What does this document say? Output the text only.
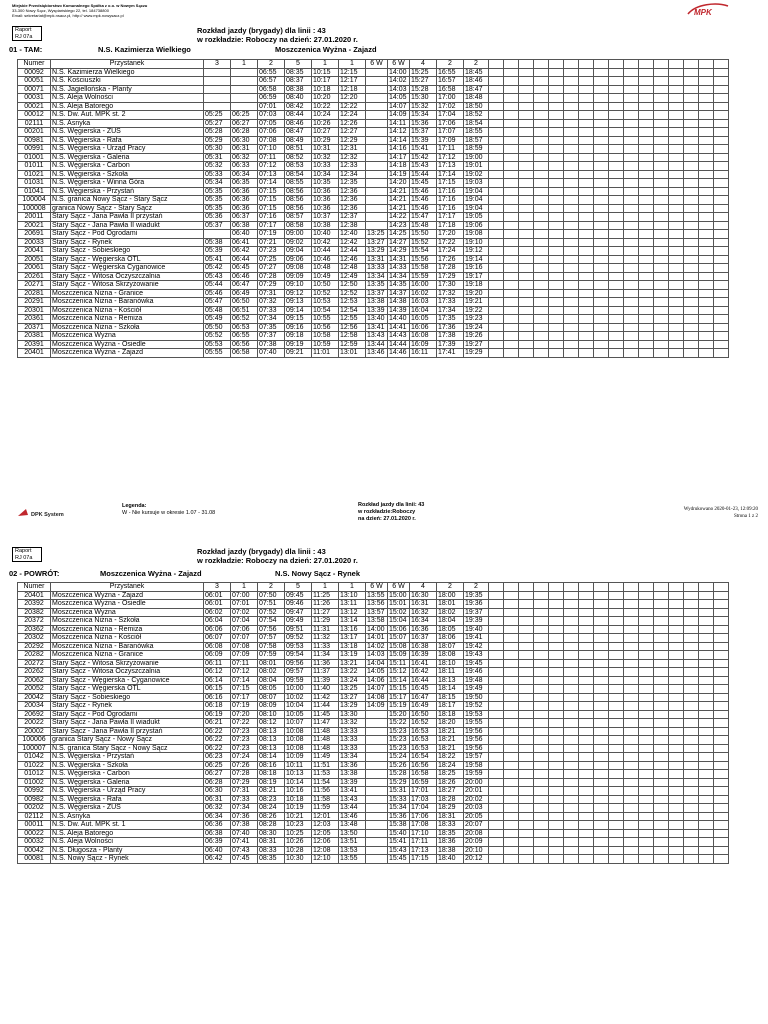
Miejskie Przedsiębiorstwo Komunalnego Spółka z o.o. w Nowym Sączu
33-300 Nowy Sącz, Wyspiańskiego 22, tel. 184738800
Email: sekretariat@mpk.nsacz.pl, http:// www.mpk.nowysacz.pl	MPK
Raport
RJ 07a
Rozkład jazdy (brygady) dla linii : 43
w rozkładzie: Roboczy na dzień: 27.01.2020 r.
01 - TAM:	N.S. Kazimierza Wielkiego	Moszczenica Wyżna - Zajazd
Numer	Przystanek	3	1	2	5	1	1	6 W	6 W	4	2	2																
00092	N.S. Kazimierza Wielkiego			06:55	08:35	10:15	12:15		14:00	15:25	16:55	18:45																
00051	N.S. Kościuszki			06:57	08:37	10:17	12:17		14:02	15:27	16:57	18:46																
00071	N.S. Jagiellońska - Planty			06:58	08:38	10:18	12:18		14:03	15:28	16:58	18:47																
00031	N.S. Aleja Wolności			06:59	08:40	10:20	12:20		14:05	15:30	17:00	18:48																
00021	N.S. Aleja Batorego			07:01	08:42	10:22	12:22		14:07	15:32	17:02	18:50																
00012	N.S. Dw. Aut. MPK st. 2	05:25	06:25	07:03	08:44	10:24	12:24		14:09	15:34	17:04	18:52																
02111	N.S. Asnyka	05:27	06:27	07:05	08:46	10:26	12:26		14:11	15:36	17:06	18:54																
00201	N.S. Węgierska - ZUS	05:28	06:28	07:06	08:47	10:27	12:27		14:12	15:37	17:07	18:55																
00981	N.S. Węgierska - Rafa	05:29	06:30	07:08	08:49	10:29	12:29		14:14	15:39	17:09	18:57																
00991	N.S. Węgierska - Urząd Pracy	05:30	06:31	07:10	08:51	10:31	12:31		14:16	15:41	17:11	18:59																
01001	N.S. Węgierska - Galeria	05:31	06:32	07:11	08:52	10:32	12:32		14:17	15:42	17:12	19:00																
01011	N.S. Węgierska - Carbon	05:32	06:33	07:12	08:53	10:33	12:33		14:18	15:43	17:13	19:01																
01021	N.S. Węgierska - Szkoła	05:33	06:34	07:13	08:54	10:34	12:34		14:19	15:44	17:14	19:02																
01031	N.S. Węgierska - Winna Góra	05:34	06:35	07:14	08:55	10:35	12:35		14:20	15:45	17:15	19:03																
01041	N.S. Węgierska - Przystań	05:35	06:36	07:15	08:56	10:36	12:36		14:21	15:46	17:16	19:04																
100004	N.S. granica Nowy Sącz - Stary Sącz	05:35	06:36	07:15	08:56	10:36	12:36		14:21	15:46	17:16	19:04																
100008	granica Nowy Sącz - Stary Sącz	05:35	06:36	07:15	08:56	10:36	12:36		14:21	15:46	17:16	19:04																
20011	Stary Sącz - Jana Pawła II przystań	05:36	06:37	07:16	08:57	10:37	12:37		14:22	15:47	17:17	19:05																
20021	Stary Sącz - Jana Pawła II wiadukt	05:37	06:38	07:17	08:58	10:38	12:38		14:23	15:48	17:18	19:06																
20691	Stary Sącz - Pod Ogrodami		06:40	07:19	09:00	10:40	12:40	13:25	14:25	15:50	17:20	19:08																
20033	Stary Sącz - Rynek	05:38	06:41	07:21	09:02	10:42	12:42	13:27	14:27	15:52	17:22	19:10																
20041	Stary Sącz - Sobieskiego	05:39	06:42	07:23	09:04	10:44	12:44	13:29	14:29	15:54	17:24	19:12																
20051	Stary Sącz - Węgierska OTL	05:41	06:44	07:25	09:06	10:46	12:46	13:31	14:31	15:56	17:26	19:14																
20061	Stary Sącz - Węgierska Cyganowice	05:42	06:45	07:27	09:08	10:48	12:48	13:33	14:33	15:58	17:28	19:16																
20261	Stary Sącz - Witosa Oczyszczalnia	05:43	06:46	07:28	09:09	10:49	12:49	13:34	14:34	15:59	17:29	19:17																
20271	Stary Sącz - Witosa Skrzyżowanie	05:44	06:47	07:29	09:10	10:50	12:50	13:35	14:35	16:00	17:30	19:18																
20281	Moszczenica Niżna - Granice	05:46	06:49	07:31	09:12	10:52	12:52	13:37	14:37	16:02	17:32	19:20																
20291	Moszczenica Niżna - Baranówka	05:47	06:50	07:32	09:13	10:53	12:53	13:38	14:38	16:03	17:33	19:21																
20301	Moszczenica Niżna - Kościół	05:48	06:51	07:33	09:14	10:54	12:54	13:39	14:39	16:04	17:34	19:22																
20361	Moszczenica Niżna - Remiza	05:49	06:52	07:34	09:15	10:55	12:55	13:40	14:40	16:05	17:35	19:23																
20371	Moszczenica Niżna - Szkoła	05:50	06:53	07:35	09:16	10:56	12:56	13:41	14:41	16:06	17:36	19:24																
20381	Moszczenica Wyżna	05:52	06:55	07:37	09:18	10:58	12:58	13:43	14:43	16:08	17:38	19:26																
20391	Moszczenica Wyżna - Osiedle	05:53	06:56	07:38	09:19	10:59	12:59	13:44	14:44	16:09	17:39	19:27																
20401	Moszczenica Wyżna - Zajazd	05:55	06:58	07:40	09:21	11:01	13:01	13:46	14:46	16:11	17:41	19:29																
DPK System
Legenda:
W - Nie kursuje w okresie 1.07 - 31.08
Rozkład jazdy dla linii: 43
w rozkładzie:Roboczy
na dzień: 27.01.2020 r.
Wydrukowano 2020-01-23, 12:09:20
Strona 1 z 2
Raport
RJ 07a
Rozkład jazdy (brygady) dla linii : 43
w rozkładzie: Roboczy na dzień: 27.01.2020 r.
02 - POWRÓT:	Moszczenica Wyżna - Zajazd	N.S. Nowy Sącz - Rynek
Numer	Przystanek	3	1	2	5	1	1	6 W	6 W	4	2	2																
20401	Moszczenica Wyżna - Zajazd	06:01	07:00	07:50	09:45	11:25	13:10	13:55	15:00	16:30	18:00	19:35																
20392	Moszczenica Wyżna - Osiedle	06:01	07:01	07:51	09:46	11:26	13:11	13:56	15:01	16:31	18:01	19:36																
20382	Moszczenica Wyżna	06:02	07:02	07:52	09:47	11:27	13:12	13:57	15:02	16:32	18:02	19:37																
20372	Moszczenica Niżna - Szkoła	06:04	07:04	07:54	09:49	11:29	13:14	13:58	15:04	16:34	18:04	19:39																
20362	Moszczenica Niżna - Remiza	06:06	07:06	07:56	09:51	11:31	13:16	14:00	15:06	16:36	18:05	19:40																
20302	Moszczenica Niżna - Kościół	06:07	07:07	07:57	09:52	11:32	13:17	14:01	15:07	16:37	18:06	19:41																
20292	Moszczenica Niżna - Baranówka	06:08	07:08	07:58	09:53	11:33	13:18	14:02	15:08	16:38	18:07	19:42																
20282	Moszczenica Niżna - Granice	06:09	07:09	07:59	09:54	11:34	13:19	14:03	15:09	16:39	18:08	19:43																
20272	Stary Sącz - Witosa Skrzyżowanie	06:11	07:11	08:01	09:56	11:36	13:21	14:04	15:11	16:41	18:10	19:45																
20262	Stary Sącz - Witosa Oczyszczalnia	06:12	07:12	08:02	09:57	11:37	13:22	14:05	15:12	16:42	18:11	19:46																
20062	Stary Sącz - Węgierska - Cyganowice	06:14	07:14	08:04	09:59	11:39	13:24	14:06	15:14	16:44	18:13	19:48																
20052	Stary Sącz - Węgierska OTL	06:15	07:15	08:05	10:00	11:40	13:25	14:07	15:15	16:45	18:14	19:49																
20042	Stary Sącz - Sobieskiego	06:16	07:17	08:07	10:02	11:42	13:27	14:08	15:17	16:47	18:15	19:50																
20034	Stary Sącz - Rynek	06:18	07:19	08:09	10:04	11:44	13:29	14:09	15:19	16:49	18:17	19:52																
20692	Stary Sącz - Pod Ogrodami	06:19	07:20	08:10	10:05	11:45	13:30		15:20	16:50	18:18	19:53																
20022	Stary Sącz - Jana Pawła II wiadukt	06:21	07:22	08:12	10:07	11:47	13:32		15:22	16:52	18:20	19:55																
20002	Stary Sącz - Jana Pawła II przystań	06:22	07:23	08:13	10:08	11:48	13:33		15:23	16:53	18:21	19:56																
100006	granica Stary Sącz - Nowy Sącz	06:22	07:23	08:13	10:08	11:48	13:33		15:23	16:53	18:21	19:56																
100007	N.S. granica Stary Sącz - Nowy Sącz	06:22	07:23	08:13	10:08	11:48	13:33		15:23	16:53	18:21	19:56																
01042	N.S. Węgierska - Przystań	06:23	07:24	08:14	10:09	11:49	13:34		15:24	16:54	18:22	19:57																
01022	N.S. Węgierska - Szkoła	06:25	07:26	08:16	10:11	11:51	13:36		15:26	16:56	18:24	19:58																
01012	N.S. Węgierska - Carbon	06:27	07:28	08:18	10:13	11:53	13:38		15:28	16:58	18:25	19:59																
01002	N.S. Węgierska - Galeria	06:28	07:29	08:19	10:14	11:54	13:39		15:29	16:59	18:26	20:00																
00992	N.S. Węgierska - Urząd Pracy	06:30	07:31	08:21	10:16	11:56	13:41		15:31	17:01	18:27	20:01																
00982	N.S. Węgierska - Rafa	06:31	07:33	08:23	10:18	11:58	13:43		15:33	17:03	18:28	20:02																
00202	N.S. Węgierska - ZUS	06:32	07:34	08:24	10:19	11:59	13:44		15:34	17:04	18:29	20:03																
02112	N.S. Asnyka	06:34	07:36	08:26	10:21	12:01	13:46		15:36	17:06	18:31	20:05																
00011	N.S. Dw. Aut. MPK st. 1	06:36	07:38	08:28	10:23	12:03	13:48		15:38	17:08	18:33	20:07																
00022	N.S. Aleja Batorego	06:38	07:40	08:30	10:25	12:05	13:50		15:40	17:10	18:35	20:08																
00032	N.S. Aleja Wolności	06:39	07:41	08:31	10:26	12:06	13:51		15:41	17:11	18:36	20:09																
00042	N.S. Długosza - Planty	06:40	07:43	08:33	10:28	12:08	13:53		15:43	17:13	18:38	20:10																
00081	N.S. Nowy Sącz - Rynek	06:42	07:45	08:35	10:30	12:10	13:55		15:45	17:15	18:40	20:12																
